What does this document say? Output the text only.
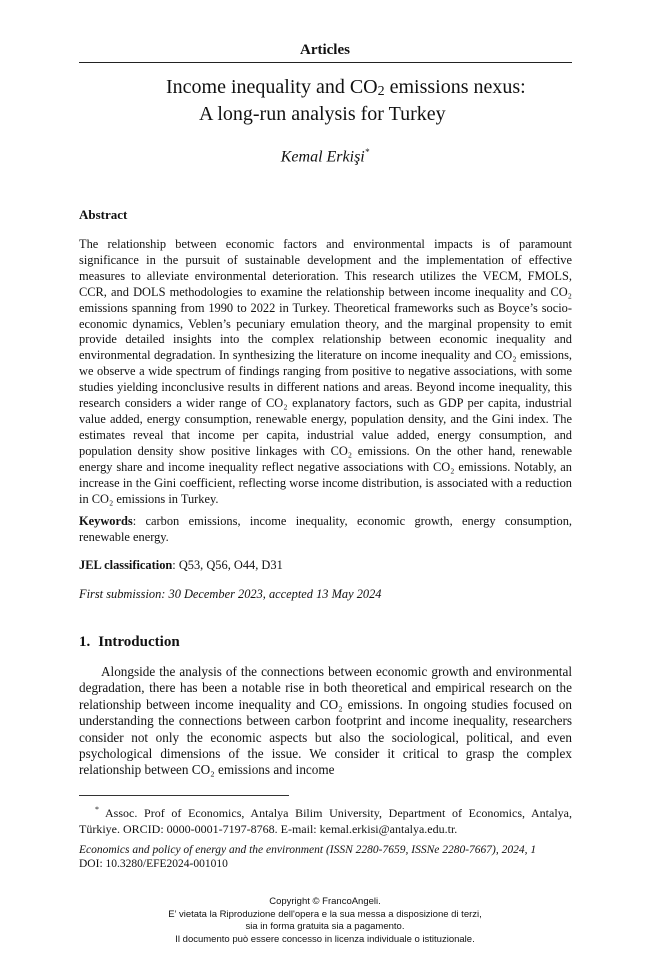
Articles
Income inequality and CO2 emissions nexus:
A long-run analysis for Turkey
Kemal Erkişi*
Abstract
The relationship between economic factors and environmental impacts is of paramount significance in the pursuit of sustainable development and the implementation of effective measures to alleviate environmental deterioration. This research utilizes the VECM, FMOLS, CCR, and DOLS methodologies to examine the relationship between income inequality and CO₂ emissions spanning from 1990 to 2022 in Turkey. Theoretical frameworks such as Boyce’s socio-economic dynamics, Veblen’s pecuniary emulation theory, and the marginal propensity to emit provide detailed insights into the complex relationship between economic inequality and environmental degradation. In synthesizing the literature on income inequality and CO₂ emissions, we observe a wide spectrum of findings ranging from positive to negative associations, with some studies yielding inconclusive results in different nations and areas. Beyond income inequality, this research considers a wider range of CO₂ explanatory factors, such as GDP per capita, industrial value added, energy consumption, renewable energy, population density, and the Gini index. The estimates reveal that income per capita, industrial value added, energy consumption, and population density show positive linkages with CO₂ emissions. On the other hand, renewable energy share and income inequality reflect negative associations with CO₂ emissions. Notably, an increase in the Gini coefficient, reflecting worse income distribution, is associated with a reduction in CO₂ emissions in Turkey.
Keywords: carbon emissions, income inequality, economic growth, energy consumption, renewable energy.
JEL classification: Q53, Q56, O44, D31
First submission: 30 December 2023, accepted 13 May 2024
1. Introduction
Alongside the analysis of the connections between economic growth and environmental degradation, there has been a notable rise in both theoretical and empirical research on the relationship between income inequality and CO₂ emissions. In ongoing studies focused on understanding the connections between carbon footprint and income inequality, researchers consider not only the economic aspects but also the sociological, political, and even psychological dimensions of the issue. We consider it critical to grasp the complex relationship between CO₂ emissions and income
* Assoc. Prof of Economics, Antalya Bilim University, Department of Economics, Antalya, Türkiye. ORCID: 0000-0001-7197-8768. E-mail: kemal.erkisi@antalya.edu.tr.
Economics and policy of energy and the environment (ISSN 2280-7659, ISSNe 2280-7667), 2024, 1
DOI: 10.3280/EFE2024-001010
Copyright © FrancoAngeli.
E’ vietata la Riproduzione dell'opera e la sua messa a disposizione di terzi,
sia in forma gratuita sia a pagamento.
Il documento può essere concesso in licenza individuale o istituzionale.
